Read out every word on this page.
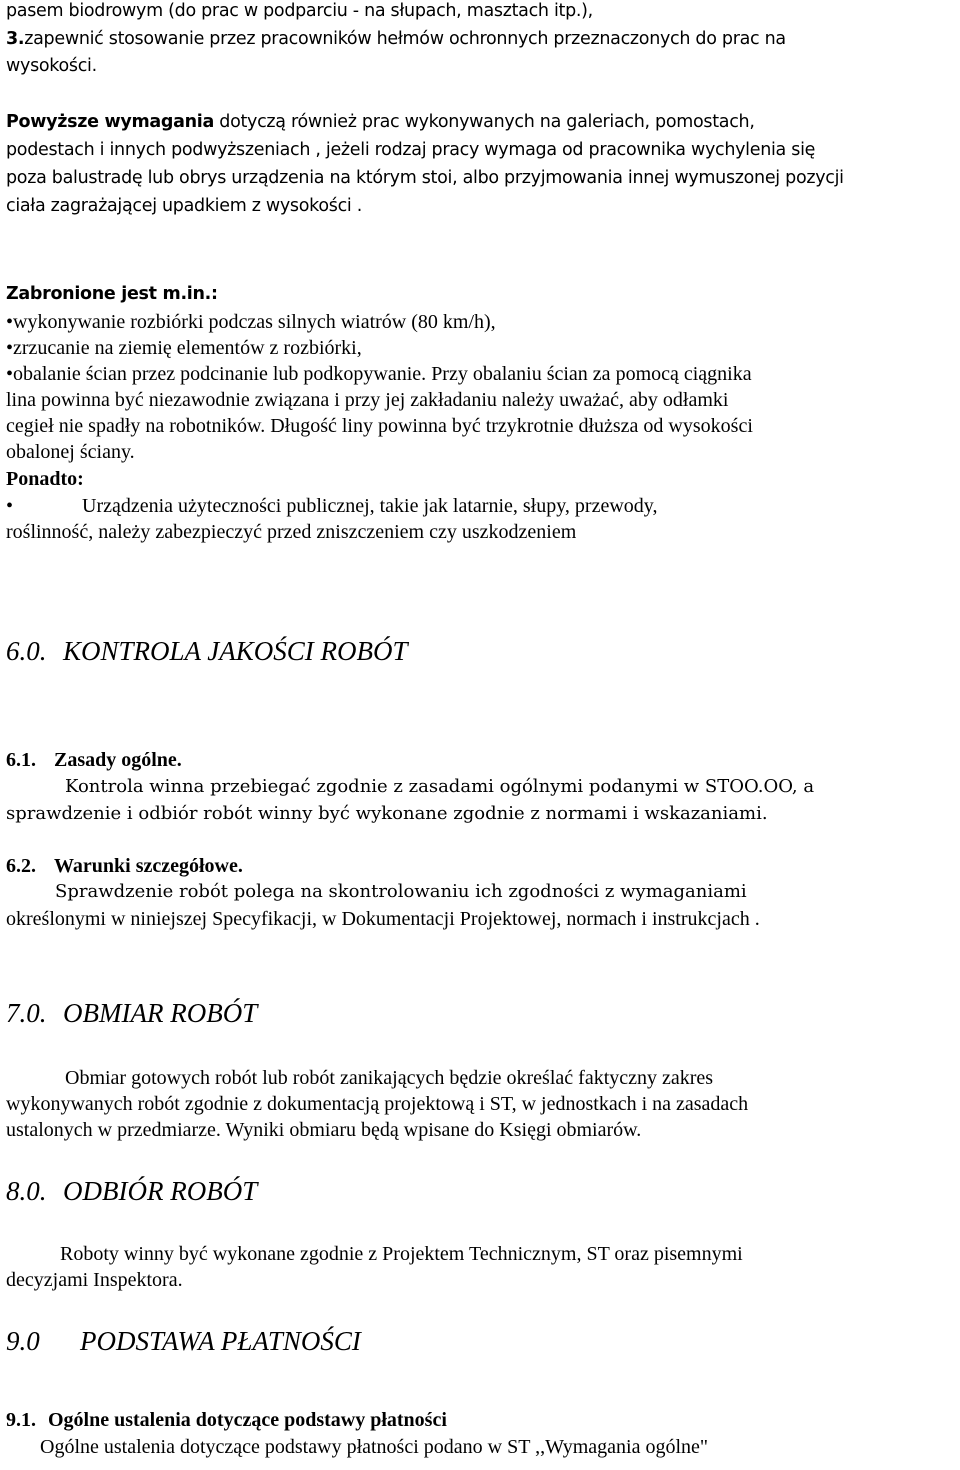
pasem biodrowym (do prac w podparciu - na słupach, masztach itp.),
3.zapewnić stosowanie przez pracowników hełmów ochronnych przeznaczonych do prac na
wysokości.
Powyższe wymagania dotyczą również prac wykonywanych na galeriach, pomostach,
podestach i innych podwyższeniach , jeżeli rodzaj pracy wymaga od pracownika wychylenia się
poza balustradę lub obrys urządzenia na którym stoi, albo przyjmowania innej wymuszonej pozycji
ciała zagrażającej upadkiem z wysokości .
Zabronione jest m.in.:
•wykonywanie rozbiórki podczas silnych wiatrów (80 km/h),
•zrzucanie na ziemię elementów z rozbiórki,
•obalanie ścian przez podcinanie lub podkopywanie. Przy obalaniu ścian za pomocą ciągnika
lina powinna być niezawodnie związana i przy jej zakładaniu należy uważać, aby odłamki
cegieł nie spadły na robotników. Długość liny powinna być trzykrotnie dłuższa od wysokości
obalonej ściany.
Ponadto:
•	Urządzenia użyteczności publicznej, takie jak latarnie, słupy, przewody,
roślinność, należy zabezpieczyć przed zniszczeniem czy uszkodzeniem
6.0. KONTROLA JAKOŚCI ROBÓT
6.1. Zasady ogólne.
Kontrola winna przebiegać zgodnie z zasadami ogólnymi podanymi w STOO.OO, a
sprawdzenie i odbiór robót winny być wykonane zgodnie z normami i wskazaniami.
6.2. Warunki szczegółowe.
Sprawdzenie robót polega na skontrolowaniu ich zgodności z wymaganiami
określonymi w niniejszej Specyfikacji, w Dokumentacji Projektowej, normach i instrukcjach .
7.0. OBMIAR ROBÓT
Obmiar gotowych robót lub robót zanikających będzie określać faktyczny zakres
wykonywanych robót zgodnie z dokumentacją projektową i ST, w jednostkach i na zasadach
ustalonych w przedmiarze. Wyniki obmiaru będą wpisane do Księgi obmiarów.
8.0. ODBIÓR ROBÓT
Roboty winny być wykonane zgodnie z Projektem Technicznym, ST oraz pisemnymi
decyzjami Inspektora.
9.0 PODSTAWA PŁATNOŚCI
9.1. Ogólne ustalenia dotyczące podstawy płatności
Ogólne ustalenia dotyczące podstawy płatności podano w ST ,,Wymagania ogólne"
